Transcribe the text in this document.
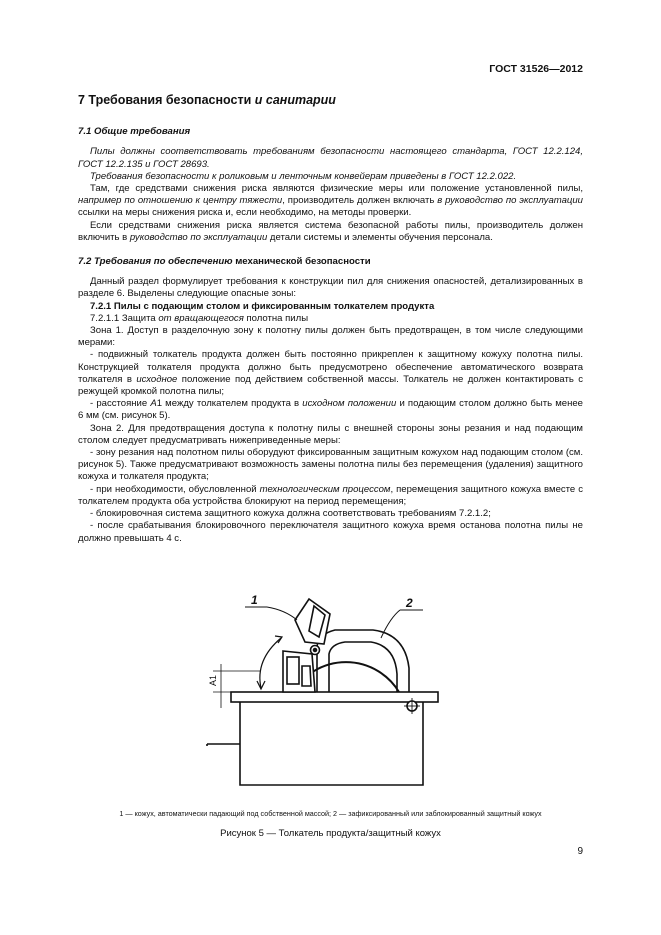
ГОСТ 31526—2012
7 Требования безопасности и санитарии
7.1 Общие требования

Пилы должны соответствовать требованиям безопасности настоящего стандарта, ГОСТ 12.2.124, ГОСТ 12.2.135 и ГОСТ 28693.

Требования безопасности к роликовым и ленточным конвейерам приведены в ГОСТ 12.2.022.

Там, где средствами снижения риска являются физические меры или положение установленной пилы, например по отношению к центру тяжести, производитель должен включать в руководство по эксплуатации ссылки на меры снижения риска и, если необходимо, на методы проверки.

Если средствами снижения риска является система безопасной работы пилы, производитель должен включить в руководство по эксплуатации детали системы и элементы обучения персонала.

7.2 Требования по обеспечению механической безопасности

Данный раздел формулирует требования к конструкции пил для снижения опасностей, детализированных в разделе 6. Выделены следующие опасные зоны:

7.2.1 Пилы с подающим столом и фиксированным толкателем продукта

7.2.1.1 Защита от вращающегося полотна пилы

Зона 1. Доступ в разделочную зону к полотну пилы должен быть предотвращен, в том числе следующими мерами:

- подвижный толкатель продукта должен быть постоянно прикреплен к защитному кожуху полотна пилы. Конструкцией толкателя продукта должно быть предусмотрено обеспечение автоматического возврата толкателя в исходное положение под действием собственной массы. Толкатель не должен контактировать с режущей кромкой полотна пилы;

- расстояние А1 между толкателем продукта в исходном положении и подающим столом должно быть менее 6 мм (см. рисунок 5).

Зона 2. Для предотвращения доступа к полотну пилы с внешней стороны зоны резания и над подающим столом следует предусматривать нижеприведенные меры:

- зону резания над полотном пилы оборудуют фиксированным защитным кожухом над подающим столом (см. рисунок 5). Также предусматривают возможность замены полотна пилы без перемещения (удаления) защитного кожуха и толкателя продукта;

- при необходимости, обусловленной технологическим процессом, перемещения защитного кожуха вместе с толкателем продукта оба устройства блокируют на период перемещения;

- блокировочная система защитного кожуха должна соответствовать требованиям 7.2.1.2;

- после срабатывания блокировочного переключателя защитного кожуха время останова полотна пилы не должно превышать 4 с.

1	2
A1
1 — кожух, автоматически падающий под собственной массой; 2 — зафиксированный или заблокированный защитный кожух
Рисунок 5 — Толкатель продукта/защитный кожух
9
